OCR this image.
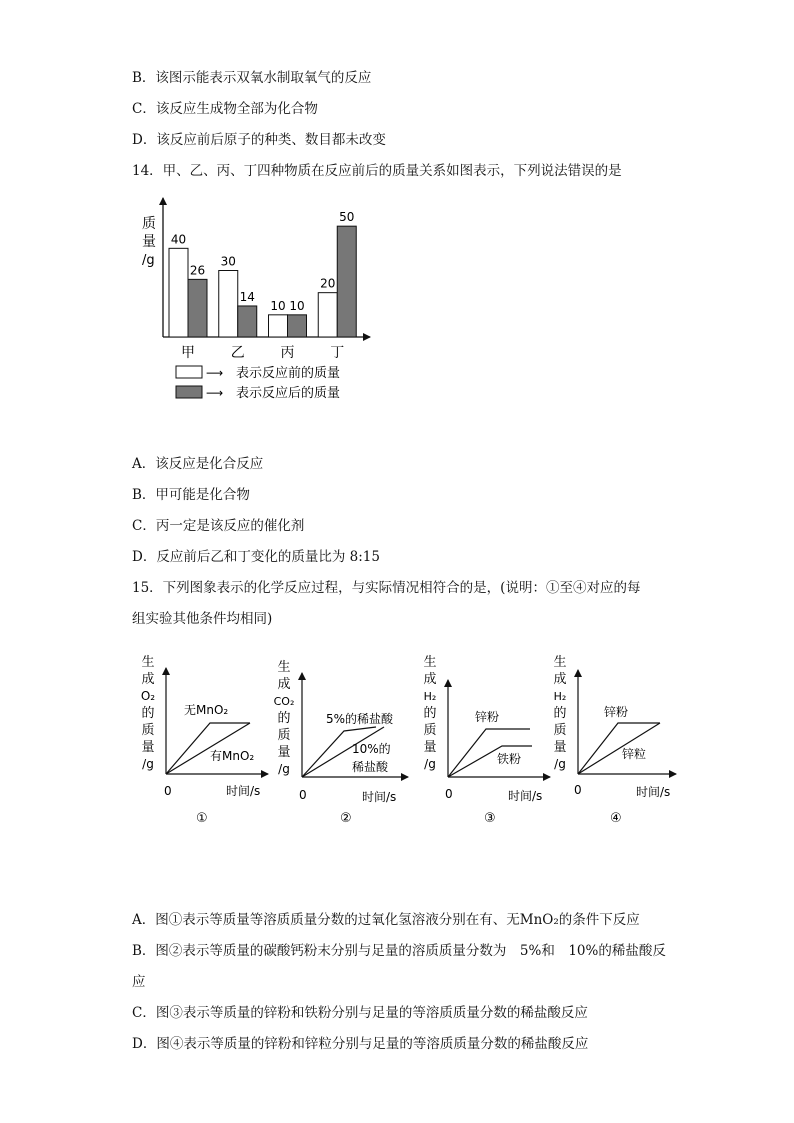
B．该图示能表示双氧水制取氧气的反应
C．该反应生成物全部为化合物
D．该反应前后原子的种类、数目都未改变
14．甲、乙、丙、丁四种物质在反应前后的质量关系如图表示，下列说法错误的是
质
量
/g
40
26
甲
30
14
乙
10 10
丙
20
50
丁
⟶ 表示反应前的质量
⟶ 表示反应后的质量
A．该反应是化合反应
B．甲可能是化合物
C．丙一定是该反应的催化剂
D．反应前后乙和丁变化的质量比为 8:15
15．下列图象表示的化学反应过程，与实际情况相符合的是，(说明：①至④对应的每
组实验其他条件均相同)
生
成
O₂
的
质
量
/g
无MnO₂
有MnO₂
0	时间/s
①
生
成
CO₂
的
质
量
/g
5%的稀盐酸
10%的
稀盐酸
0	时间/s
②
生
成
H₂
的
质
量
/g
锌粉
铁粉
0	时间/s
③
生
成
H₂
的
质
量
/g
锌粉
锌粒
0	时间/s
④
A．图①表示等质量等溶质质量分数的过氧化氢溶液分别在有、无MnO₂的条件下反应
B．图②表示等质量的碳酸钙粉末分别与足量的溶质质量分数为　5%和　10%的稀盐酸反
应
C．图③表示等质量的锌粉和铁粉分别与足量的等溶质质量分数的稀盐酸反应
D．图④表示等质量的锌粉和锌粒分别与足量的等溶质质量分数的稀盐酸反应
